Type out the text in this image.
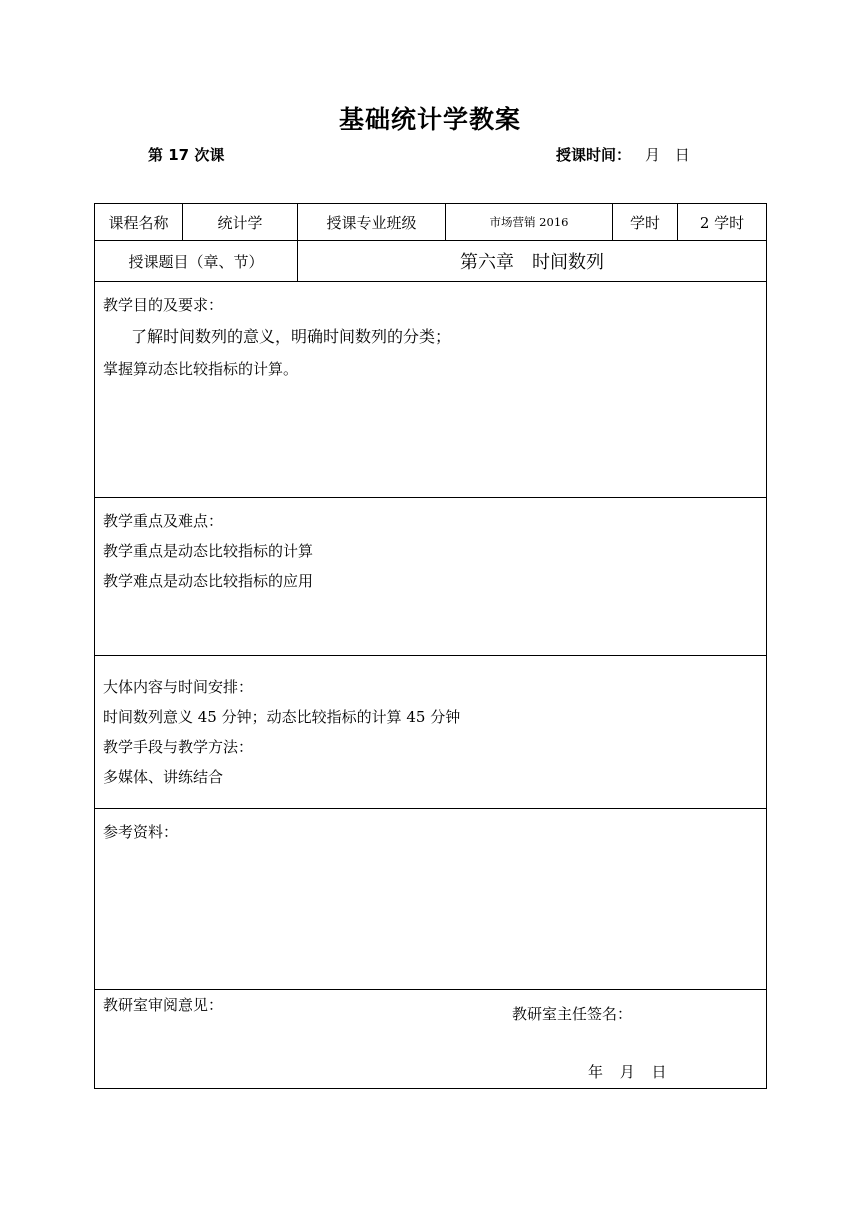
基础统计学教案
第 17 次课	授课时间： 月 日
课程名称	统计学	授课专业班级	市场营销 2016	学时	2 学时
授课题目（章、节）		第六章　时间数列			

教学目的及要求：
了解时间数列的意义，明确时间数列的分类；
掌握算动态比较指标的计算。					

教学重点及难点：
教学重点是动态比较指标的计算
教学难点是动态比较指标的应用					

大体内容与时间安排：
时间数列意义 45 分钟；动态比较指标的计算 45 分钟
教学手段与教学方法：
多媒体、讲练结合					

参考资料：					

教研室审阅意见：						教研室主任签名：
年 月 日
